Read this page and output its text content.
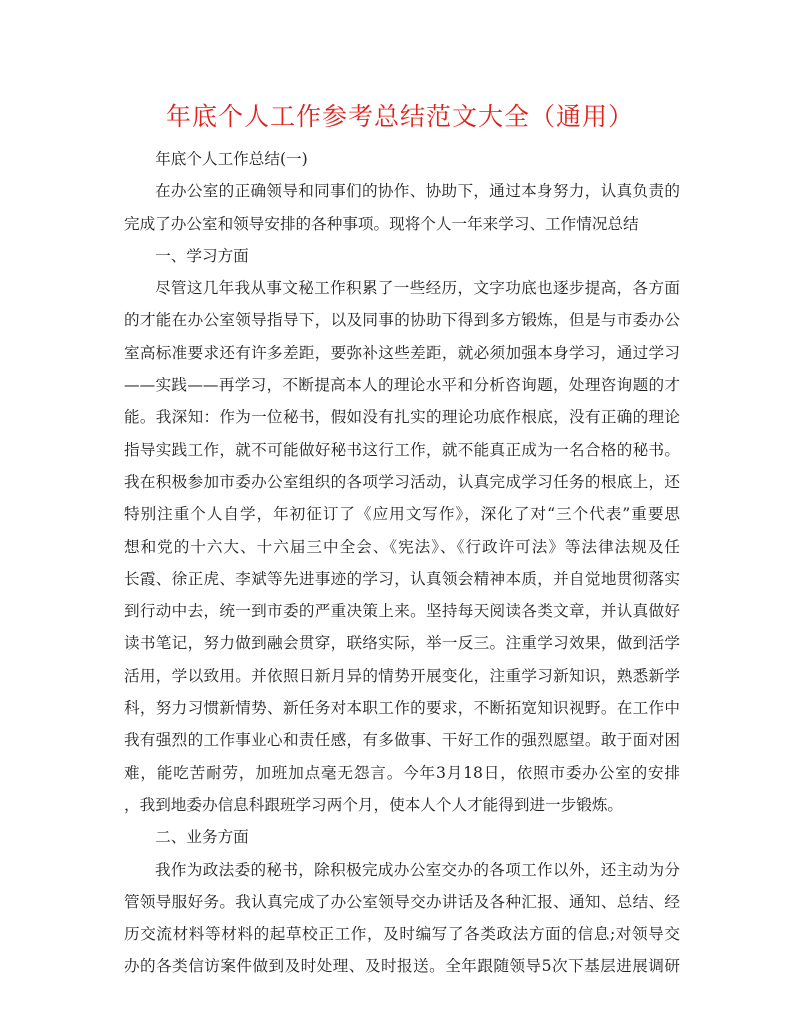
年底个人工作参考总结范文大全（通用）

年底个人工作总结(一)

在办公室的正确领导和同事们的协作、协助下，通过本身努力，认真负责的
完成了办公室和领导安排的各种事项。现将个人一年来学习、工作情况总结

一、学习方面

尽管这几年我从事文秘工作积累了一些经历，文字功底也逐步提高，各方面
的才能在办公室领导指导下，以及同事的协助下得到多方锻炼，但是与市委办公
室高标准要求还有许多差距，要弥补这些差距，就必须加强本身学习，通过学习
——实践——再学习，不断提高本人的理论水平和分析咨询题，处理咨询题的才
能。我深知：作为一位秘书，假如没有扎实的理论功底作根底，没有正确的理论
指导实践工作，就不可能做好秘书这行工作，就不能真正成为一名合格的秘书。
我在积极参加市委办公室组织的各项学习活动，认真完成学习任务的根底上，还
特别注重个人自学，年初征订了《应用文写作》，深化了对“三个代表”重要思
想和党的十六大、十六届三中全会、《宪法》、《行政许可法》等法律法规及任
长霞、徐正虎、李斌等先进事迹的学习，认真领会精神本质，并自觉地贯彻落实
到行动中去，统一到市委的严重决策上来。坚持每天阅读各类文章，并认真做好
读书笔记，努力做到融会贯穿，联络实际，举一反三。注重学习效果，做到活学
活用，学以致用。并依照日新月异的情势开展变化，注重学习新知识，熟悉新学
科，努力习惯新情势、新任务对本职工作的要求，不断拓宽知识视野。在工作中
我有强烈的工作事业心和责任感，有多做事、干好工作的强烈愿望。敢于面对困
难，能吃苦耐劳，加班加点毫无怨言。今年3月18日，依照市委办公室的安排
，我到地委办信息科跟班学习两个月，使本人个人才能得到进一步锻炼。

二、业务方面

我作为政法委的秘书，除积极完成办公室交办的各项工作以外，还主动为分
管领导服好务。我认真完成了办公室领导交办讲话及各种汇报、通知、总结、经
历交流材料等材料的起草校正工作，及时编写了各类政法方面的信息;对领导交
办的各类信访案件做到及时处理、及时报送。全年跟随领导5次下基层进展调研
